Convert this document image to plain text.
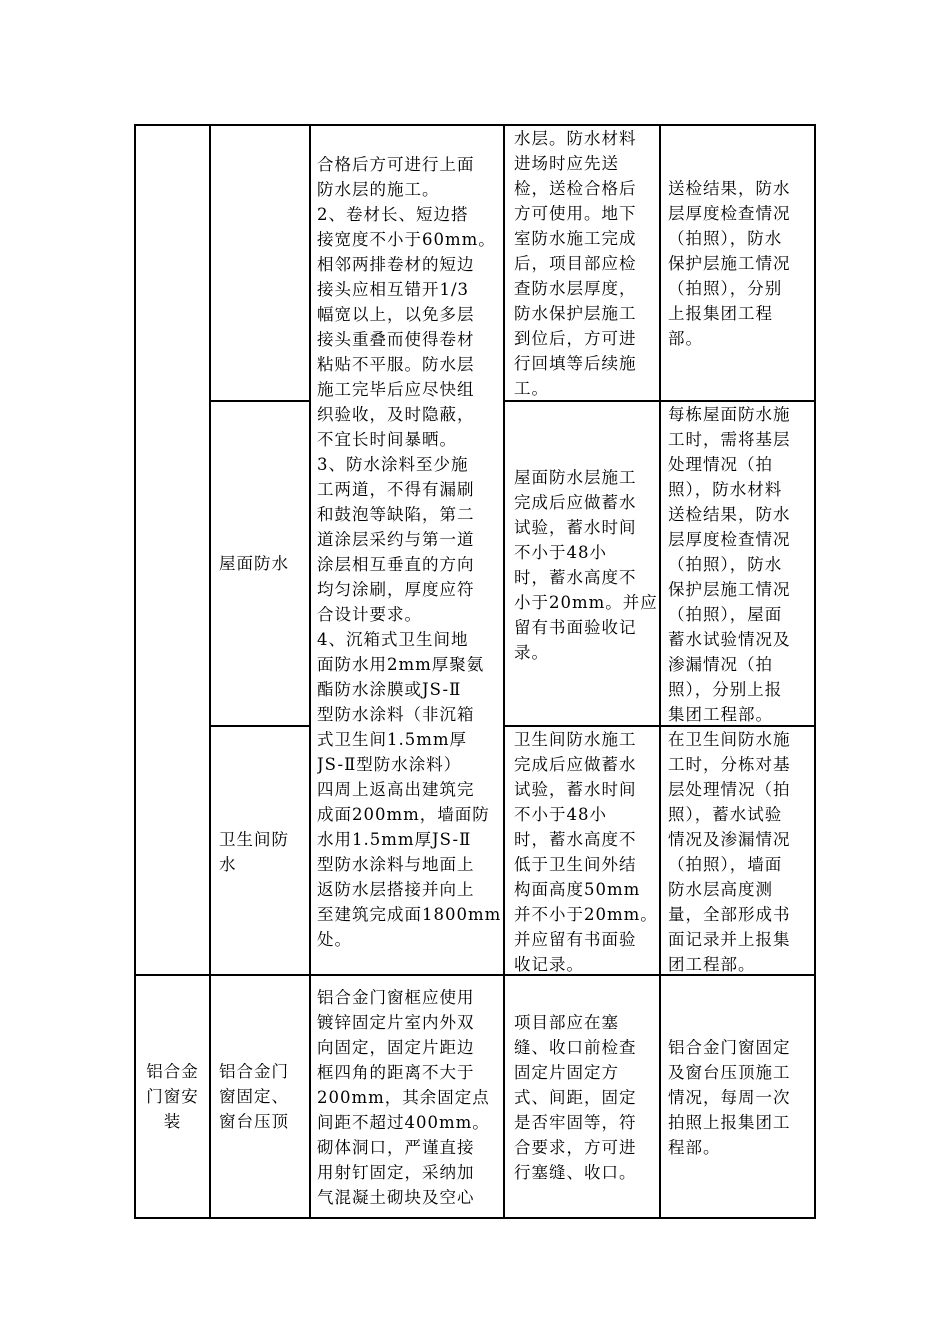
合格后方可进行上面
防水层的施工。
2、卷材长、短边搭
接宽度不小于60mm。
相邻两排卷材的短边
接头应相互错开1/3
幅宽以上，以免多层
接头重叠而使得卷材
粘贴不平服。防水层
施工完毕后应尽快组
织验收，及时隐蔽，
不宜长时间暴晒。
3、防水涂料至少施
工两道，不得有漏刷
和鼓泡等缺陷，第二
道涂层采约与第一道
涂层相互垂直的方向
均匀涂刷，厚度应符
合设计要求。
4、沉箱式卫生间地
面防水用2mm厚聚氨
酯防水涂膜或JS-Ⅱ
型防水涂料（非沉箱
式卫生间1.5mm厚
JS-Ⅱ型防水涂料）
四周上返高出建筑完
成面200mm，墙面防
水用1.5mm厚JS-Ⅱ
型防水涂料与地面上
返防水层搭接并向上
至建筑完成面1800mm
处。
水层。防水材料
进场时应先送
检，送检合格后
方可使用。地下
室防水施工完成
后，项目部应检
查防水层厚度，
防水保护层施工
到位后，方可进
行回填等后续施
工。
送检结果，防水
层厚度检查情况
（拍照），防水
保护层施工情况
（拍照），分别
上报集团工程
部。
屋面防水
屋面防水层施工
完成后应做蓄水
试验，蓄水时间
不小于48小
时，蓄水高度不
小于20mm。并应
留有书面验收记
录。
每栋屋面防水施
工时，需将基层
处理情况（拍
照），防水材料
送检结果，防水
层厚度检查情况
（拍照），防水
保护层施工情况
（拍照），屋面
蓄水试验情况及
渗漏情况（拍
照），分别上报
集团工程部。
卫生间防
水
卫生间防水施工
完成后应做蓄水
试验，蓄水时间
不小于48小
时，蓄水高度不
低于卫生间外结
构面高度50mm
并不小于20mm。
并应留有书面验
收记录。
在卫生间防水施
工时，分栋对基
层处理情况（拍
照），蓄水试验
情况及渗漏情况
（拍照），墙面
防水层高度测
量，全部形成书
面记录并上报集
团工程部。
铝合金
门窗安
装
铝合金门
窗固定、
窗台压顶
铝合金门窗框应使用
镀锌固定片室内外双
向固定，固定片距边
框四角的距离不大于
200mm，其余固定点
间距不超过400mm。
砌体洞口，严谨直接
用射钉固定，采纳加
气混凝土砌块及空心
项目部应在塞
缝、收口前检查
固定片固定方
式、间距，固定
是否牢固等，符
合要求，方可进
行塞缝、收口。
铝合金门窗固定
及窗台压顶施工
情况，每周一次
拍照上报集团工
程部。
